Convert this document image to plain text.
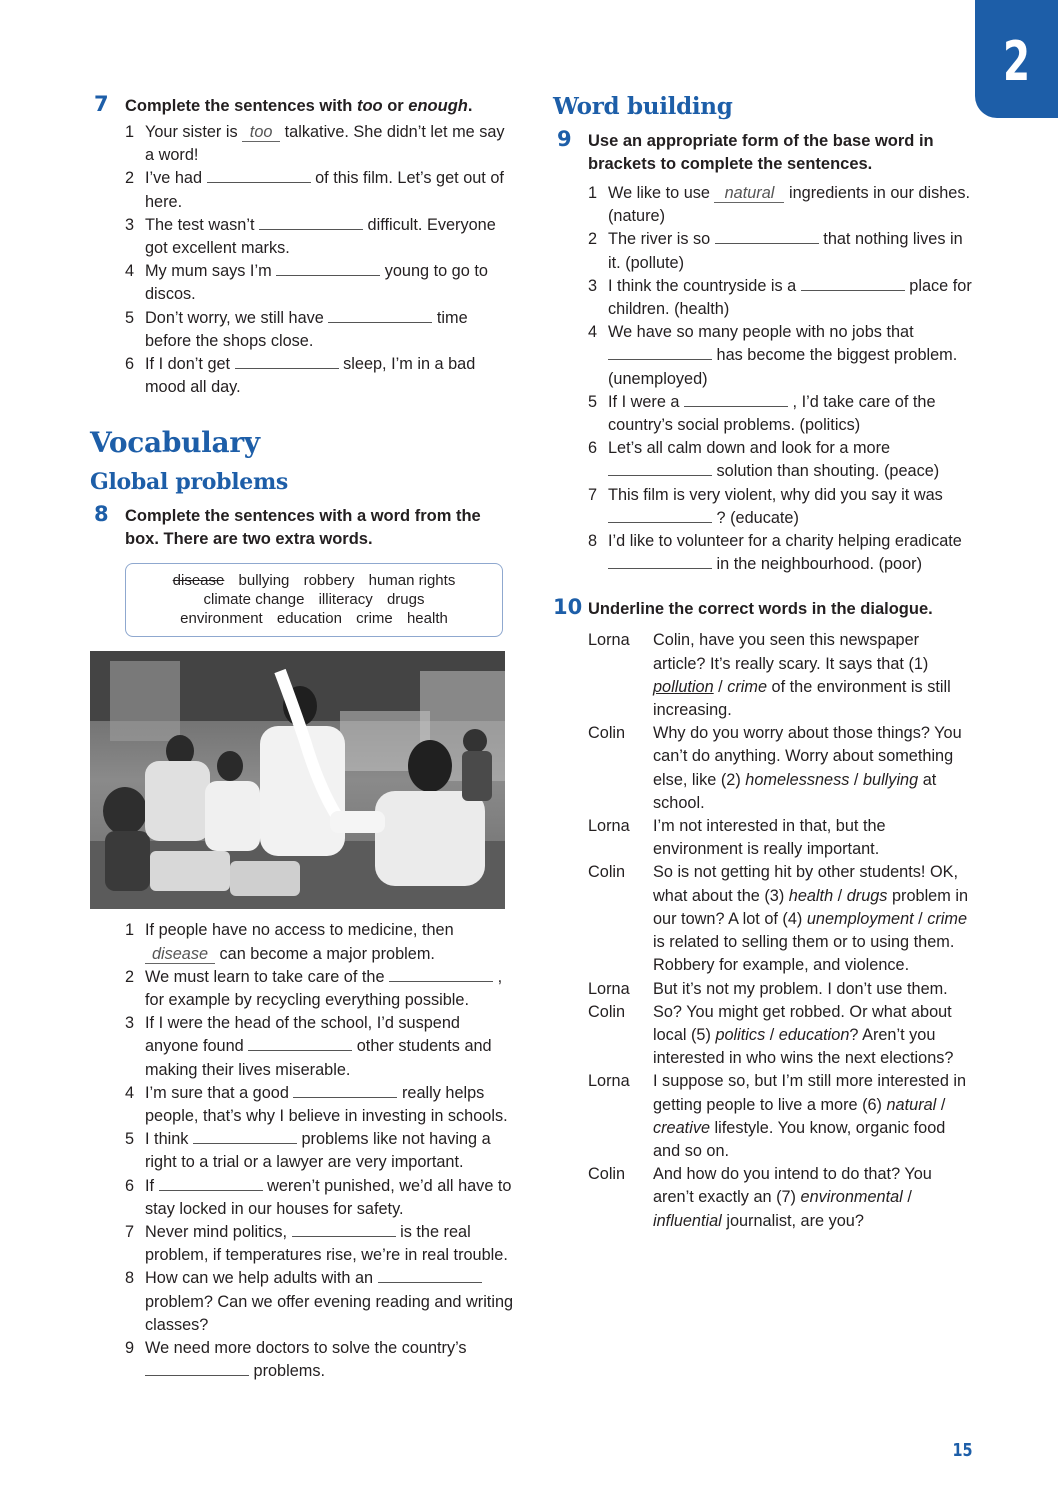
2
7 Complete the sentences with too or enough.
1 Your sister is too talkative. She didn’t let me say a word!
2 I’ve had	of this film. Let’s get out of here.
3 The test wasn’t	difficult. Everyone got excellent marks.
4 My mum says I’m	young to go to discos.
5 Don’t worry, we still have	time before the shops close.
6 If I don’t get	sleep, I’m in a bad mood all day.
Vocabulary
Global problems
8 Complete the sentences with a word from the box. There are two extra words.
disease bullying robbery human rights
climate change illiteracy drugs
environment education crime health
1 If people have no access to medicine, then disease can become a major problem.
2 We must learn to take care of the	, for example by recycling everything possible.
3 If I were the head of the school, I’d suspend anyone found	other students and making their lives miserable.
4 I’m sure that a good	really helps people, that’s why I believe in investing in schools.
5 I think	problems like not having a right to a trial or a lawyer are very important.
6 If	weren’t punished, we’d all have to stay locked in our houses for safety.
7 Never mind politics,	is the real problem, if temperatures rise, we’re in real trouble.
8 How can we help adults with an  problem? Can we offer evening reading and writing classes?
9 We need more doctors to solve the country’s  problems.
Word building
9 Use an appropriate form of the base word in brackets to complete the sentences.
1 We like to use natural ingredients in our dishes. (nature)
2 The river is so	that nothing lives in it. (pollute)
3 I think the countryside is a	place for children. (health)
4 We have so many people with no jobs that  has become the biggest problem. (unemployed)
5 If I were a	, I’d take care of the country’s social problems. (politics)
6 Let’s all calm down and look for a more  solution than shouting. (peace)
7 This film is very violent, why did you say it was  ? (educate)
8 I’d like to volunteer for a charity helping eradicate  in the neighbourhood. (poor)
10 Underline the correct words in the dialogue.
Lorna	Colin, have you seen this newspaper article? It’s really scary. It says that (1) pollution / crime of the environment is still increasing.
Colin	Why do you worry about those things? You can’t do anything. Worry about something else, like (2) homelessness / bullying at school.
Lorna	I’m not interested in that, but the environment is really important.
Colin	So is not getting hit by other students! OK, what about the (3) health / drugs problem in our town? A lot of (4) unemployment / crime is related to selling them or to using them. Robbery for example, and violence.
Lorna	But it’s not my problem. I don’t use them.
Colin	So? You might get robbed. Or what about local (5) politics / education? Aren’t you interested in who wins the next elections?
Lorna	I suppose so, but I’m still more interested in getting people to live a more (6) natural / creative lifestyle. You know, organic food and so on.
Colin	And how do you intend to do that? You aren’t exactly an (7) environmental / influential journalist, are you?
15
